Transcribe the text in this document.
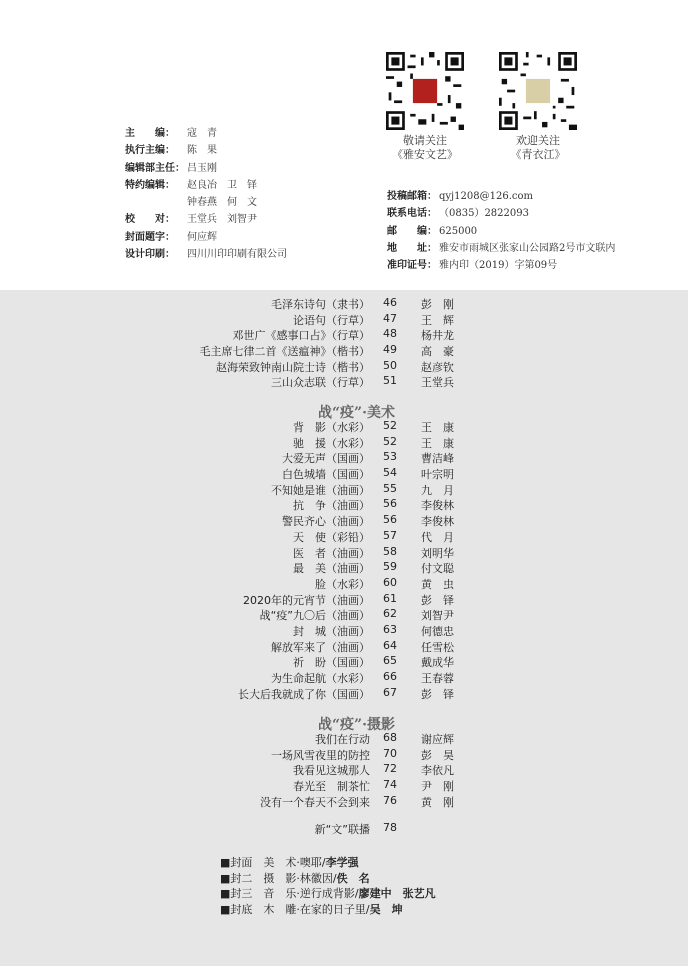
敬请关注
《雅安文艺》
欢迎关注
《青衣江》
主　　编：	寇　青
执行主编：	陈　果
编辑部主任： 吕玉刚
特约编辑：	赵良冶　卫　铎
钟春燕　何　文
校　　对：	王堂兵　刘智尹
封面题字：	何应辉
设计印刷：	四川川印印刷有限公司
投稿邮箱： qyj1208@126.com
联系电话： （0835）2822093
邮　　编： 625000
地　　址： 雅安市雨城区张家山公园路2号市文联内
准印证号： 雅内印（2019）字第09号
毛泽东诗句（隶书） 46	彭　刚
论语句（行草） 47	王　辉
邓世广《感事口占》（行草） 48	杨井龙
毛主席七律二首《送瘟神》（楷书） 49	高　豪
赵海荣致钟南山院士诗（楷书） 50	赵彦钦
三山众志联（行草） 51	王堂兵
战“疫”·美术
背　影（水彩） 52	王　康
驰　援（水彩） 52	王　康
大爱无声（国画） 53	曹洁峰
白色城墙（国画） 54	叶宗明
不知她是谁（油画） 55	九　月
抗　争（油画） 56	李俊林
警民齐心（油画） 56	李俊林
天　使（彩铅） 57	代　月
医　者（油画） 58	刘明华
最　美（油画） 59	付文聪
脸（水彩） 60	黄　虫
2020年的元宵节（油画） 61	彭　铎
战“疫”九〇后（油画） 62	刘智尹
封　城（油画） 63	何德忠
解放军来了（油画） 64	任雪松
祈　盼（国画） 65	戴成华
为生命起航（水彩） 66	王春蓉
长大后我就成了你（国画） 67	彭　铎
战“疫”·摄影
我们在行动 68	谢应辉
一场风雪夜里的防控 70	彭　昊
我看见这城那人 72	李依凡
春光至　制茶忙 74	尹　刚
没有一个春天不会到来 76	黄　刚
新“文”联播 78
■封面　美　术·噢耶/李学强
■封二　摄　影·林徽因/佚　名
■封三　音　乐·逆行成背影/廖建中　张艺凡
■封底　木　雕·在家的日子里/吴　坤
